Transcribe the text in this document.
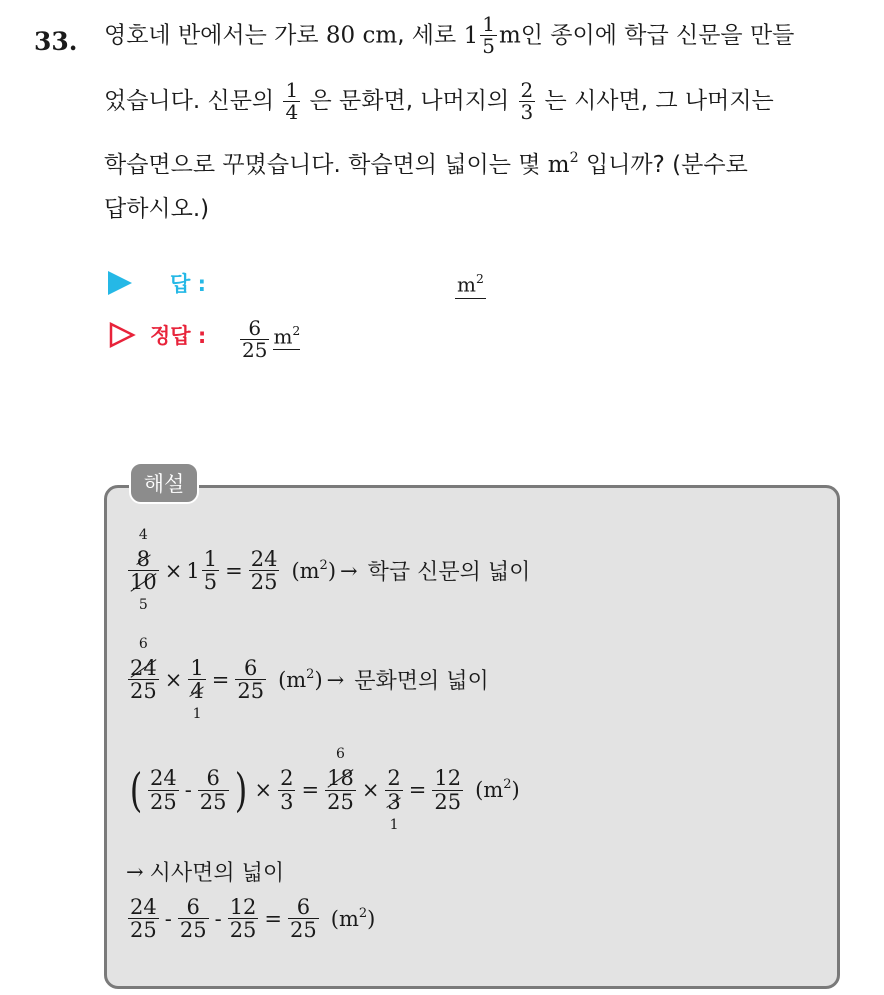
33. 영호네 반에서는 가로 80 cm, 세로 $1 \frac{1}{5}$ m인 종이에 학급 신문을 만들
었습니다. 신문의 $\frac{1}{4}$ 은 문화면, 나머지의 $\frac{2}{3}$ 는 시사면, 그 나머지는
학습면으로 꾸몄습니다. 학습면의 넓이는 몇 $m^2$ 입니까? (분수로
답하시오.)
답 :	$m^2$
정답 : $\frac{6}{25} m^2$
해설
8
10
4
5
× $1 \frac{1}{5} = \frac{24}{25} (m^2)$ → 학급 신문의 넓이
24
25
6
× 1
4
1
= $\frac{6}{25} (m^2)$ → 문화면의 넓이
( $\frac{24}{25} - \frac{6}{25}$ ) × $\frac{2}{3} = 18$
25
6
× 2
3
1
= $\frac{12}{25} (m^2)$
→ 시사면의 넓이
$\frac{24}{25} - \frac{6}{25} - \frac{12}{25} = \frac{6}{25} (m^2)$
